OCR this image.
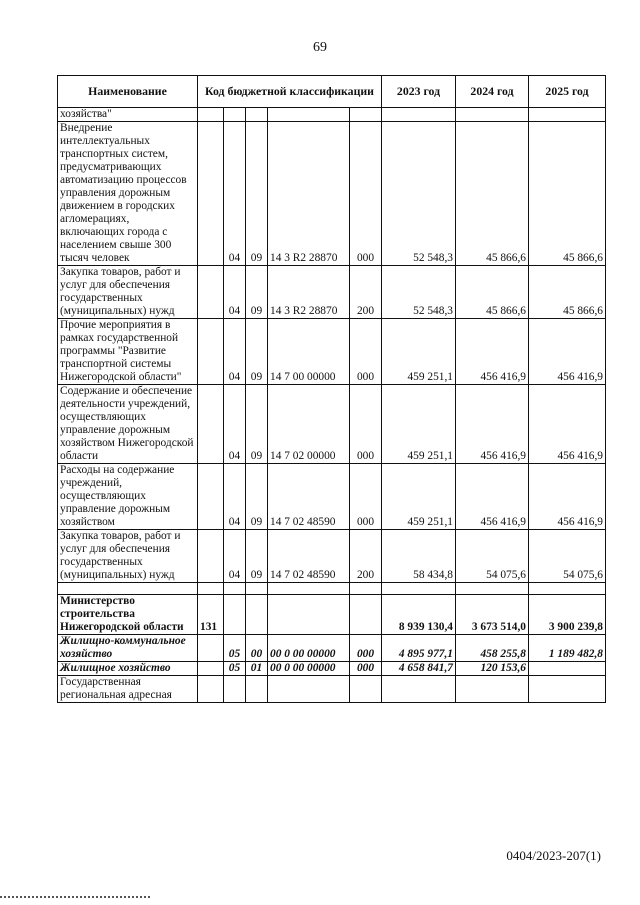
69
Наименование	Код бюджетной классификации					2023 год	2024 год	2025 год
хозяйства"								
Внедрение интеллектуальных транспортных систем, предусматривающих автоматизацию процессов управления дорожным движением в городских агломерациях, включающих города с населением свыше 300 тысяч человек		04	09	14 3 R2 28870	000	52 548,3	45 866,6	45 866,6
Закупка товаров, работ и услуг для обеспечения государственных (муниципальных) нужд		04	09	14 3 R2 28870	200	52 548,3	45 866,6	45 866,6
Прочие мероприятия в рамках государственной программы "Развитие транспортной системы Нижегородской области"		04	09	14 7 00 00000	000	459 251,1	456 416,9	456 416,9
Содержание и обеспечение деятельности учреждений, осуществляющих управление дорожным хозяйством Нижегородской области		04	09	14 7 02 00000	000	459 251,1	456 416,9	456 416,9
Расходы на содержание учреждений, осуществляющих управление дорожным хозяйством		04	09	14 7 02 48590	000	459 251,1	456 416,9	456 416,9
Закупка товаров, работ и услуг для обеспечения государственных (муниципальных) нужд		04	09	14 7 02 48590	200	58 434,8	54 075,6	54 075,6

Министерство строительства Нижегородской области	131					8 939 130,4	3 673 514,0	3 900 239,8
Жилищно-коммунальное хозяйство		05	00	00 0 00 00000	000	4 895 977,1	458 255,8	1 189 482,8
Жилищное хозяйство		05	01	00 0 00 00000	000	4 658 841,7	120 153,6	
Государственная региональная адресная								
0404/2023-207(1)
